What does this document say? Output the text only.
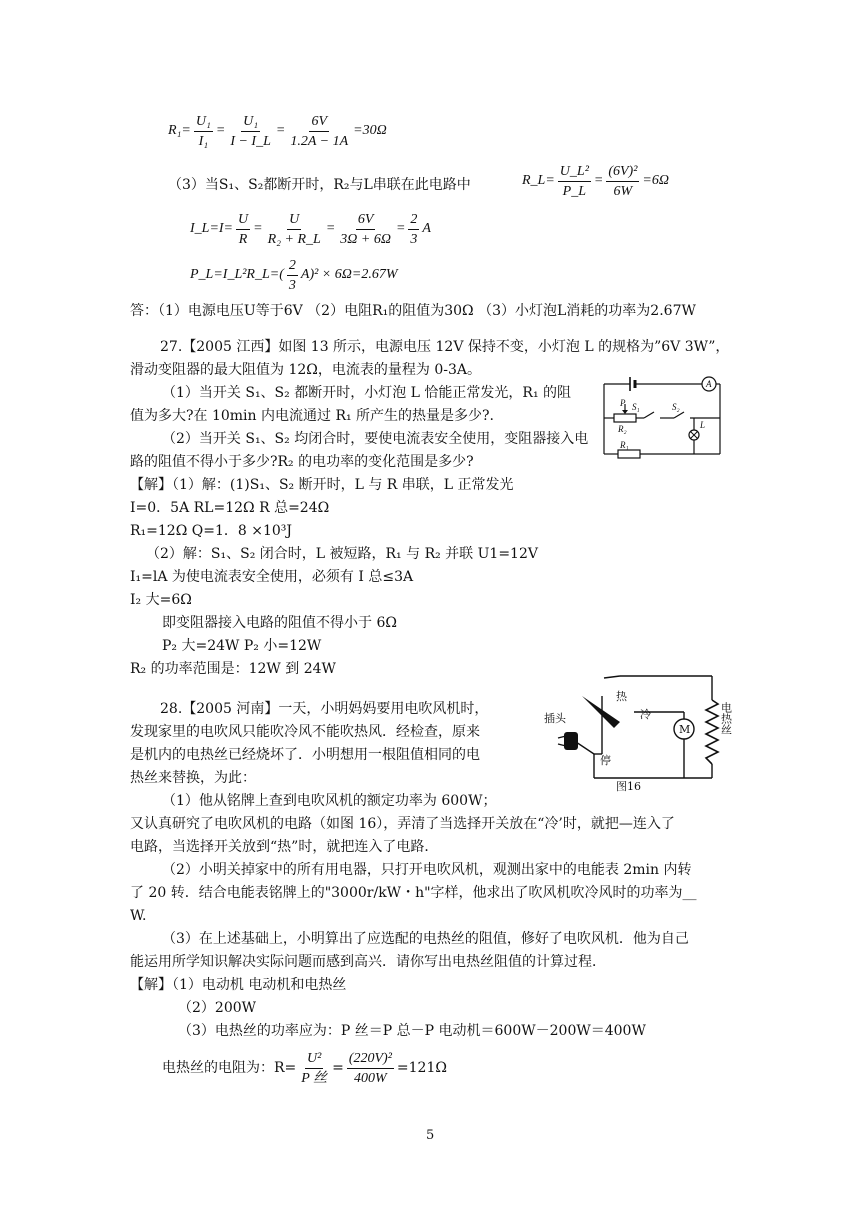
$R_1= \frac{\text{U₁}}{\text{I₁}} = \frac{\text{U₁}}{I - I\_L} = \frac{6V}{1.2A - 1A} =30\Omega$
（3）当S₁、S₂都断开时，R₂与L串联在此电路中	R_L= $\frac{\text{U\_L²}}{P\_L} = \frac{\text{(6V)²}}{6W} =6\Omega$
I_L=I= $\frac{U}{R} = \frac{U}{\text{R₂ + R\_L}} = \frac{6V}{3\Omega + 6\Omega} = \frac{2}{3}$ A
P_L=I_L²R_L=( $\frac{2}{3} A)^2 \times 6\Omega=2.67W$
答：（1）电源电压U等于6V （2）电阻R₁的阻值为30Ω （3）小灯泡L消耗的功率为2.67W
27.【2005 江西】如图 13 所示，电源电压 12V 保持不变，小灯泡 L 的规格为”6V 3W”，
滑动变阻器的最大阻值为 12Ω，电流表的量程为 0-3A。
（1）当开关 S₁、S₂ 都断开时，小灯泡 L 恰能正常发光，R₁ 的阻
值为多大?在 10min 内电流通过 R₁ 所产生的热量是多少?.
（2）当开关 S₁、S₂ 均闭合时，要使电流表安全使用，变阻器接入电
路的阻值不得小于多少?R₂ 的电功率的变化范围是多少?
A
P S₁	S₂
R₂
R₁
L
【解】（1）解：(1)S₁、S₂ 断开时，L 与 R 串联，L 正常发光
I=0．5A RL=12Ω R 总=24Ω
R₁=12Ω Q=1．8 ×10³J
（2）解：S₁、S₂ 闭合时，L 被短路，R₁ 与 R₂ 并联 U1=12V
I₁=lA 为使电流表安全使用，必须有 I 总≤3A
I₂ 大=6Ω
即变阻器接入电路的阻值不得小于 6Ω
P₂ 大=24W P₂ 小=12W
R₂ 的功率范围是：12W 到 24W
28.【2005 河南】一天，小明妈妈要用电吹风机时，
发现家里的电吹风只能吹冷风不能吹热风．经检查，原来
是机内的电热丝已经烧坏了．小明想用一根阻值相同的电
热丝来替换，为此：
（1）他从铭牌上查到电吹风机的额定功率为 600W；
又认真研究了电吹风机的电路（如图 16），弄清了当选择开关放在“冷’时，就把—连入了
电路，当选择开关放到“热”时，就把连入了电路．
（2）小明关掉家中的所有用电器，只打开电吹风机，观测出家中的电能表 2min 内转
了 20 转．结合电能表铭牌上的"3000r/kW・h"字样，他求出了吹风机吹冷风时的功率为__
W.
（3）在上述基础上，小明算出了应选配的电热丝的阻值，修好了电吹风机．他为自己
能运用所学知识解决实际问题而感到高兴．请你写出电热丝阻值的计算过程．
插头
热
冷
停
M
图16
电热丝
【解】（1）电动机 电动机和电热丝
（2）200W
（3）电热丝的功率应为：P 丝＝P 总－P 电动机＝600W－200W＝400W
电热丝的电阻为：$R= \frac{\text{U²}}{\text{P 丝}} = \frac{\text{(220V)²}}{400W} =121\Omega$
5
